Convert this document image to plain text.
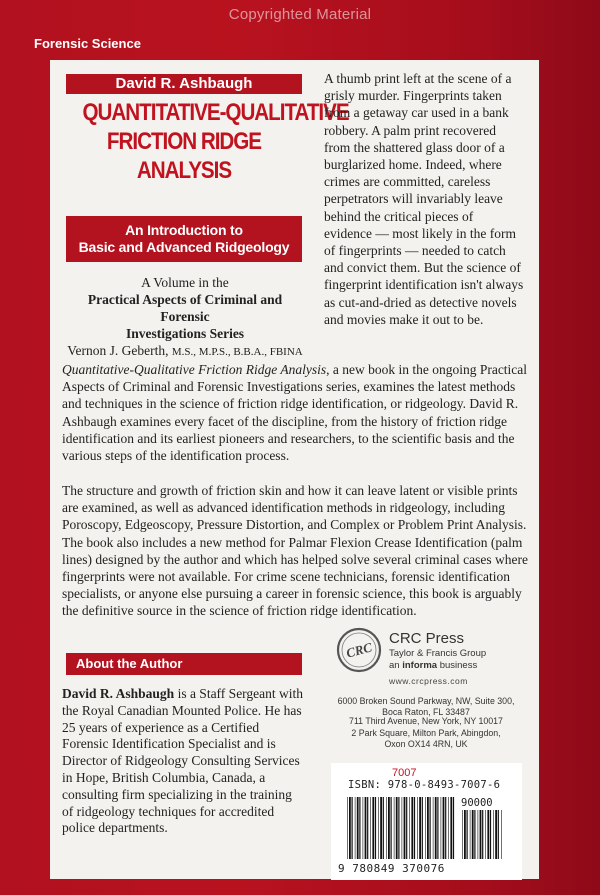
Copyrighted Material
Forensic Science
David R. Ashbaugh
QUANTITATIVE-QUALITATIVE
FRICTION RIDGE
ANALYSIS
An Introduction to
Basic and Advanced Ridgeology
A Volume in the
Practical Aspects of Criminal and Forensic
Investigations Series
Vernon J. Geberth, M.S., M.P.S., B.B.A., FBINA
A thumb print left at the scene of a grisly murder. Fingerprints taken from a getaway car used in a bank robbery. A palm print recovered from the shattered glass door of a burglarized home. Indeed, where crimes are committed, careless perpetrators will invariably leave behind the critical pieces of evidence — most likely in the form of fingerprints — needed to catch and convict them. But the science of fingerprint identification isn't always as cut-and-dried as detective novels and movies make it out to be.
Quantitative-Qualitative Friction Ridge Analysis, a new book in the ongoing Practical Aspects of Criminal and Forensic Investigations series, examines the latest methods and techniques in the science of friction ridge identification, or ridgeology. David R. Ashbaugh examines every facet of the discipline, from the history of friction ridge identification and its earliest pioneers and researchers, to the scientific basis and the various steps of the identification process.
The structure and growth of friction skin and how it can leave latent or visible prints are examined, as well as advanced identification methods in ridgeology, including Poroscopy, Edgeoscopy, Pressure Distortion, and Complex or Problem Print Analysis. The book also includes a new method for Palmar Flexion Crease Identification (palm lines) designed by the author and which has helped solve several criminal cases where fingerprints were not available. For crime scene technicians, forensic identification specialists, or anyone else pursuing a career in forensic science, this book is arguably the definitive source in the science of friction ridge identification.
About the Author
David R. Ashbaugh is a Staff Sergeant with the Royal Canadian Mounted Police. He has 25 years of experience as a Certified Forensic Identification Specialist and is Director of Ridgeology Consulting Services in Hope, British Columbia, Canada, a consulting firm specializing in the training of ridgeology techniques for accredited police departments.
CRC
CRC Press
Taylor & Francis Group
an informa business
www.crcpress.com
6000 Broken Sound Parkway, NW, Suite 300,
Boca Raton, FL 33487
711 Third Avenue, New York, NY 10017
2 Park Square, Milton Park, Abingdon,
Oxon OX14 4RN, UK
7007
ISBN: 978-0-8493-7007-6
90000
9 780849 370076
